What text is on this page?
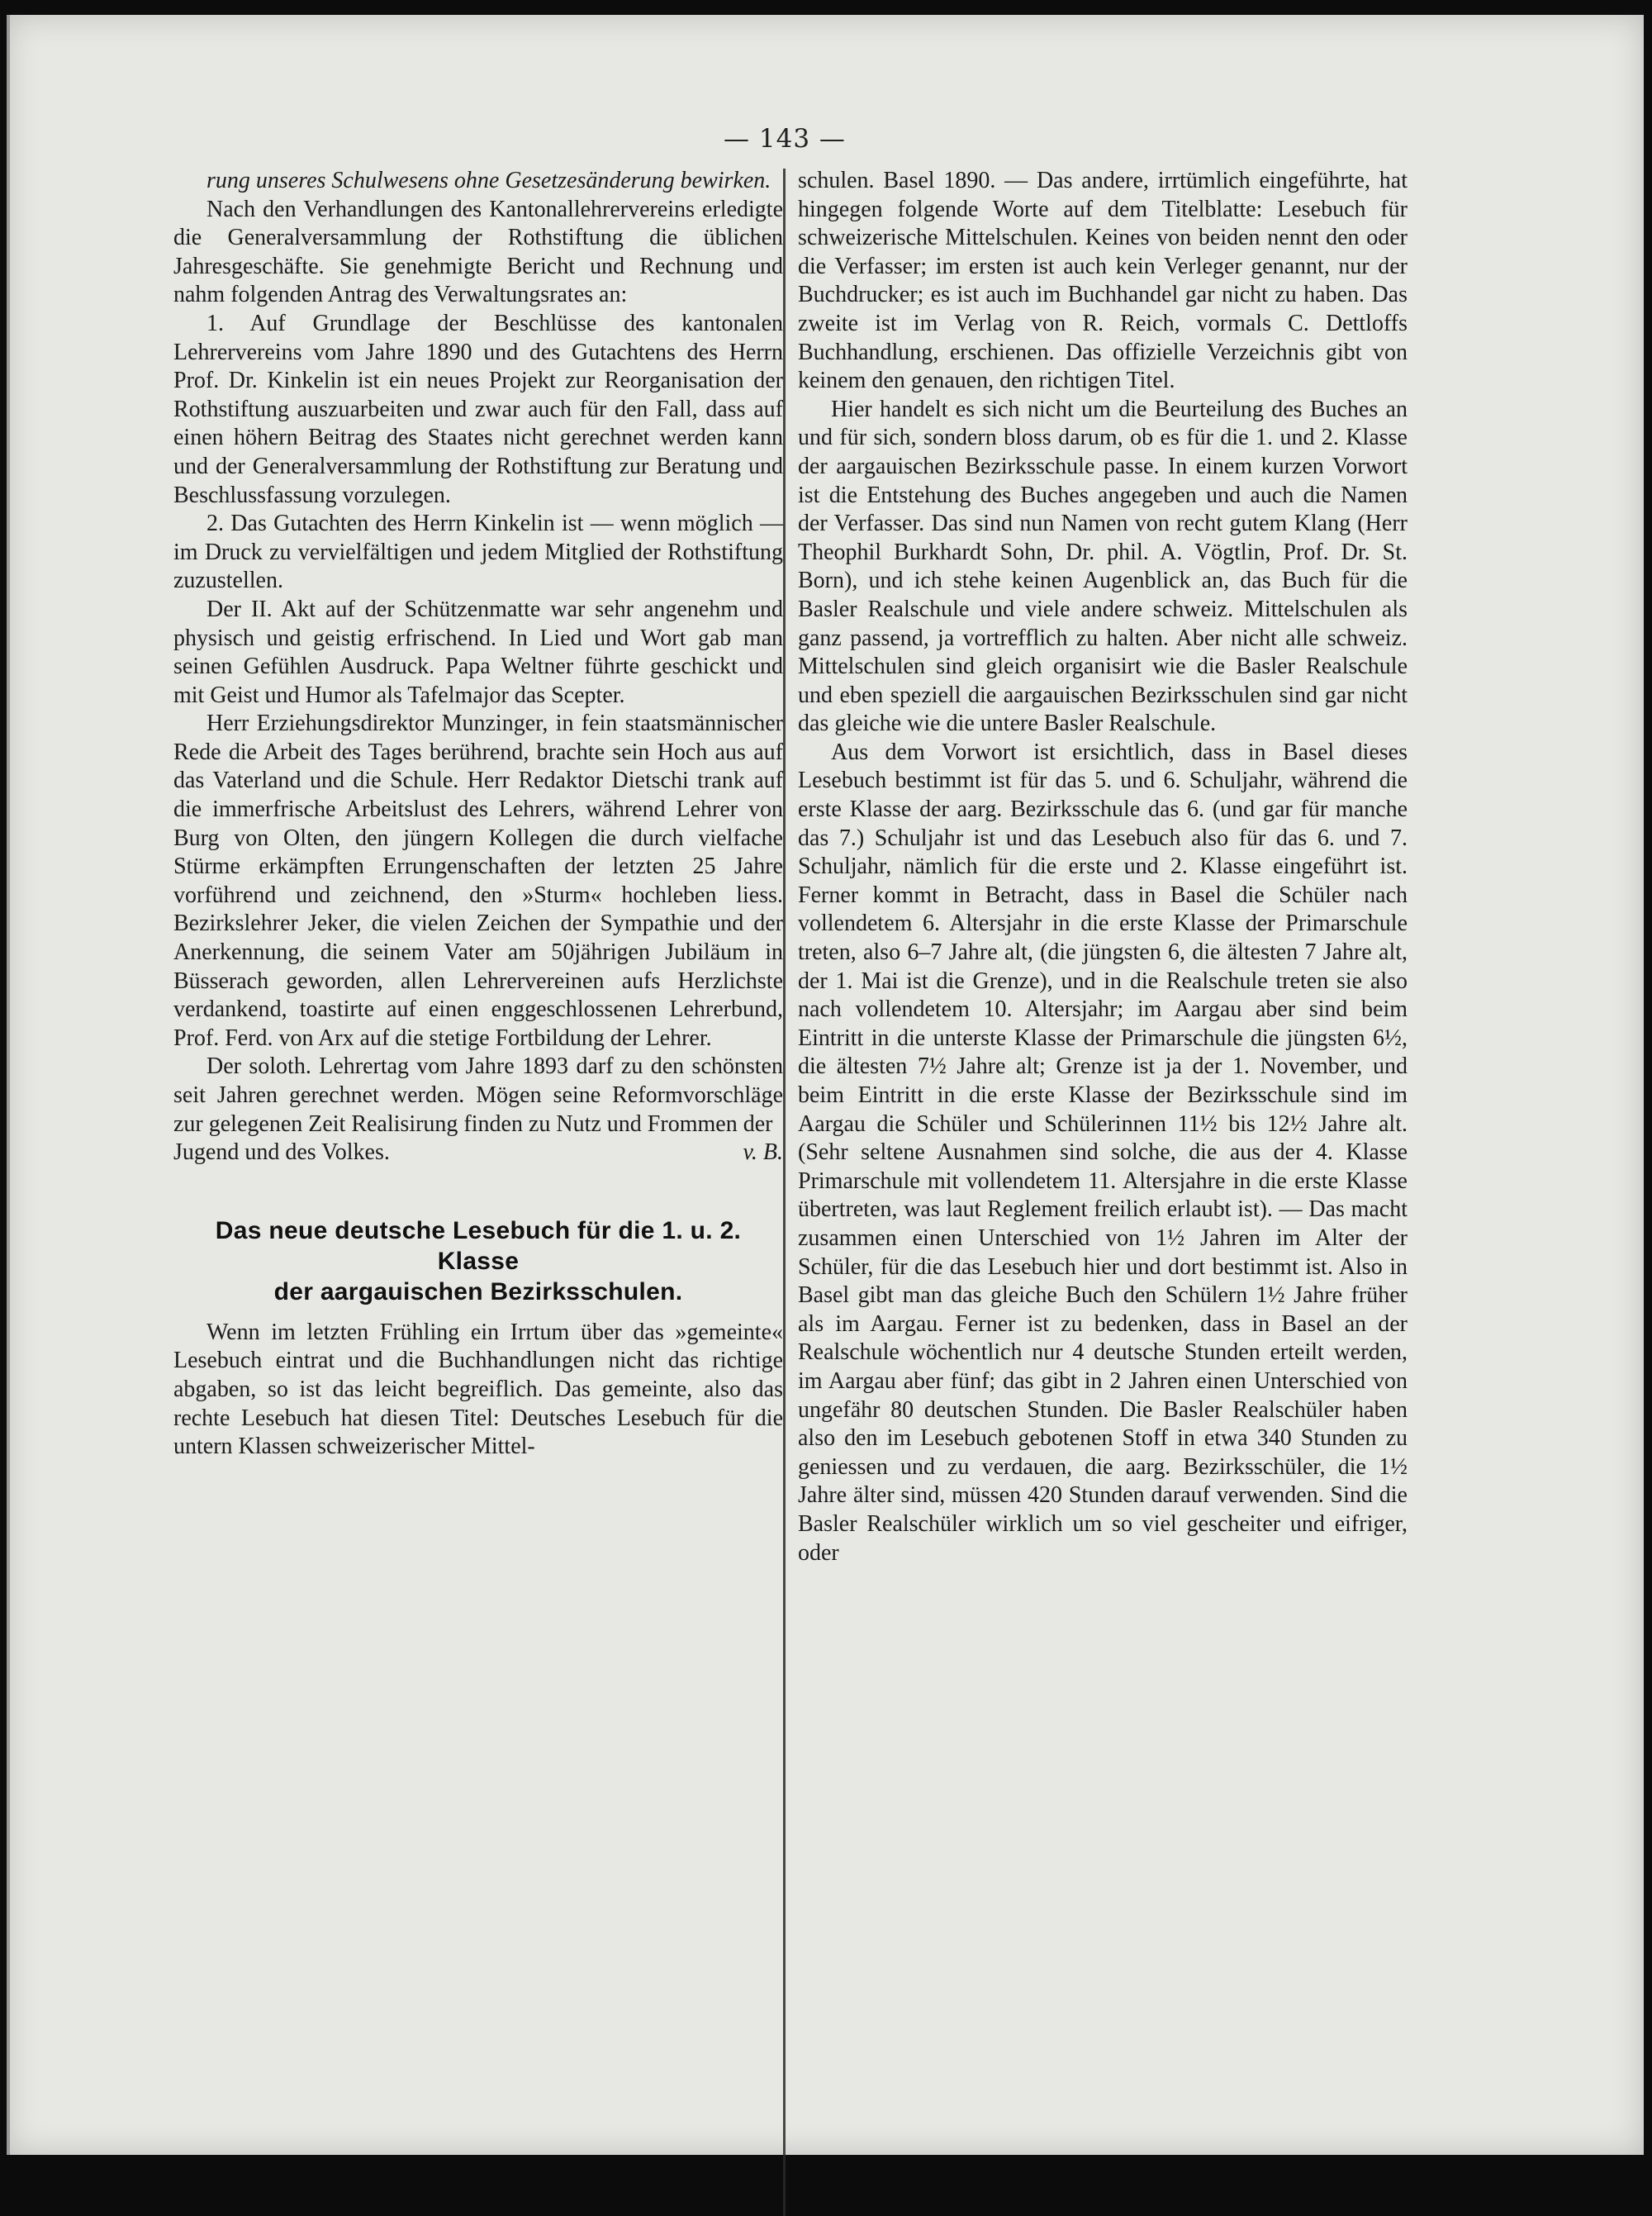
— 143 —

rung unseres Schulwesens ohne Gesetzesänderung bewirken.

Nach den Verhandlungen des Kantonallehrervereins erledigte die Generalversammlung der Rothstiftung die üblichen Jahresgeschäfte. Sie genehmigte Bericht und Rechnung und nahm folgenden Antrag des Verwaltungsrates an:

1. Auf Grundlage der Beschlüsse des kantonalen Lehrervereins vom Jahre 1890 und des Gutachtens des Herrn Prof. Dr. Kinkelin ist ein neues Projekt zur Reorganisation der Rothstiftung auszuarbeiten und zwar auch für den Fall, dass auf einen höhern Beitrag des Staates nicht gerechnet werden kann und der Generalversammlung der Rothstiftung zur Beratung und Beschlussfassung vorzulegen.

2. Das Gutachten des Herrn Kinkelin ist — wenn möglich — im Druck zu vervielfältigen und jedem Mitglied der Rothstiftung zuzustellen.

Der II. Akt auf der Schützenmatte war sehr angenehm und physisch und geistig erfrischend. In Lied und Wort gab man seinen Gefühlen Ausdruck. Papa Weltner führte geschickt und mit Geist und Humor als Tafelmajor das Scepter.

Herr Erziehungsdirektor Munzinger, in fein staatsmännischer Rede die Arbeit des Tages berührend, brachte sein Hoch aus auf das Vaterland und die Schule. Herr Redaktor Dietschi trank auf die immerfrische Arbeitslust des Lehrers, während Lehrer von Burg von Olten, den jüngern Kollegen die durch vielfache Stürme erkämpften Errungenschaften der letzten 25 Jahre vorführend und zeichnend, den »Sturm« hochleben liess. Bezirkslehrer Jeker, die vielen Zeichen der Sympathie und der Anerkennung, die seinem Vater am 50jährigen Jubiläum in Büsserach geworden, allen Lehrervereinen aufs Herzlichste verdankend, toastirte auf einen enggeschlossenen Lehrerbund, Prof. Ferd. von Arx auf die stetige Fortbildung der Lehrer.

Der soloth. Lehrertag vom Jahre 1893 darf zu den schönsten seit Jahren gerechnet werden. Mögen seine Reformvorschläge zur gelegenen Zeit Realisirung finden zu Nutz und Frommen der

Jugend und des Volkes.	v. B.
Das neue deutsche Lesebuch für die 1. u. 2. Klasse
der aargauischen Bezirksschulen.

Wenn im letzten Frühling ein Irrtum über das »gemeinte« Lesebuch eintrat und die Buchhandlungen nicht das richtige abgaben, so ist das leicht begreiflich. Das gemeinte, also das rechte Lesebuch hat diesen Titel: Deutsches Lesebuch für die untern Klassen schweizerischer Mittel-

schulen. Basel 1890. — Das andere, irrtümlich eingeführte, hat hingegen folgende Worte auf dem Titelblatte: Lesebuch für schweizerische Mittelschulen. Keines von beiden nennt den oder die Verfasser; im ersten ist auch kein Verleger genannt, nur der Buchdrucker; es ist auch im Buchhandel gar nicht zu haben. Das zweite ist im Verlag von R. Reich, vormals C. Dettloffs Buchhandlung, erschienen. Das offizielle Verzeichnis gibt von keinem den genauen, den richtigen Titel.

Hier handelt es sich nicht um die Beurteilung des Buches an und für sich, sondern bloss darum, ob es für die 1. und 2. Klasse der aargauischen Bezirksschule passe. In einem kurzen Vorwort ist die Entstehung des Buches angegeben und auch die Namen der Verfasser. Das sind nun Namen von recht gutem Klang (Herr Theophil Burkhardt Sohn, Dr. phil. A. Vögtlin, Prof. Dr. St. Born), und ich stehe keinen Augenblick an, das Buch für die Basler Realschule und viele andere schweiz. Mittelschulen als ganz passend, ja vortrefflich zu halten. Aber nicht alle schweiz. Mittelschulen sind gleich organisirt wie die Basler Realschule und eben speziell die aargauischen Bezirksschulen sind gar nicht das gleiche wie die untere Basler Realschule.

Aus dem Vorwort ist ersichtlich, dass in Basel dieses Lesebuch bestimmt ist für das 5. und 6. Schuljahr, während die erste Klasse der aarg. Bezirksschule das 6. (und gar für manche das 7.) Schuljahr ist und das Lesebuch also für das 6. und 7. Schuljahr, nämlich für die erste und 2. Klasse eingeführt ist. Ferner kommt in Betracht, dass in Basel die Schüler nach vollendetem 6. Altersjahr in die erste Klasse der Primarschule treten, also 6–7 Jahre alt, (die jüngsten 6, die ältesten 7 Jahre alt, der 1. Mai ist die Grenze), und in die Realschule treten sie also nach vollendetem 10. Altersjahr; im Aargau aber sind beim Eintritt in die unterste Klasse der Primarschule die jüngsten 6½, die ältesten 7½ Jahre alt; Grenze ist ja der 1. November, und beim Eintritt in die erste Klasse der Bezirksschule sind im Aargau die Schüler und Schülerinnen 11½ bis 12½ Jahre alt. (Sehr seltene Ausnahmen sind solche, die aus der 4. Klasse Primarschule mit vollendetem 11. Altersjahre in die erste Klasse übertreten, was laut Reglement freilich erlaubt ist). — Das macht zusammen einen Unterschied von 1½ Jahren im Alter der Schüler, für die das Lesebuch hier und dort bestimmt ist. Also in Basel gibt man das gleiche Buch den Schülern 1½ Jahre früher als im Aargau. Ferner ist zu bedenken, dass in Basel an der Realschule wöchentlich nur 4 deutsche Stunden erteilt werden, im Aargau aber fünf; das gibt in 2 Jahren einen Unterschied von ungefähr 80 deutschen Stunden. Die Basler Realschüler haben also den im Lesebuch gebotenen Stoff in etwa 340 Stunden zu geniessen und zu verdauen, die aarg. Bezirksschüler, die 1½ Jahre älter sind, müssen 420 Stunden darauf verwenden. Sind die Basler Realschüler wirklich um so viel gescheiter und eifriger, oder
